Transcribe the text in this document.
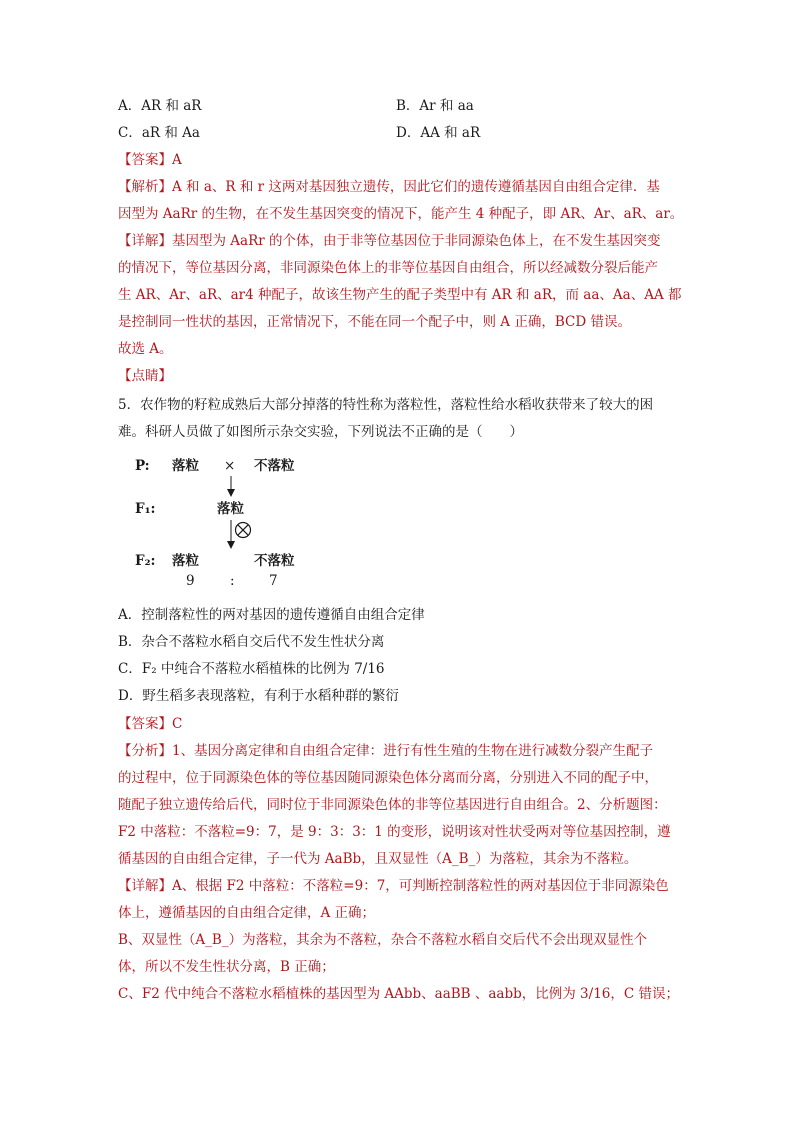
A．AR 和 aR	B．Ar 和 aa
C．aR 和 Aa	D．AA 和 aR
【答案】A
【解析】A 和 a、R 和 r 这两对基因独立遗传，因此它们的遗传遵循基因自由组合定律．基
因型为 AaRr 的生物，在不发生基因突变的情况下，能产生 4 种配子，即 AR、Ar、aR、ar。
【详解】基因型为 AaRr 的个体，由于非等位基因位于非同源染色体上，在不发生基因突变
的情况下，等位基因分离，非同源染色体上的非等位基因自由组合，所以经减数分裂后能产
生 AR、Ar、aR、ar4 种配子，故该生物产生的配子类型中有 AR 和 aR，而 aa、Aa、AA 都
是控制同一性状的基因，正常情况下，不能在同一个配子中，则 A 正确，BCD 错误。
故选 A。
【点睛】
5．农作物的籽粒成熟后大部分掉落的特性称为落粒性，落粒性给水稻收获带来了较大的困
难。科研人员做了如图所示杂交实验，下列说法不正确的是（　　）
P: 落粒 × 不落粒
F₁:	落粒
F₂: 落粒	不落粒
9	:	7
A．控制落粒性的两对基因的遗传遵循自由组合定律
B．杂合不落粒水稻自交后代不发生性状分离
C．F₂ 中纯合不落粒水稻植株的比例为 7/16
D．野生稻多表现落粒，有利于水稻种群的繁衍
【答案】C
【分析】1、基因分离定律和自由组合定律：进行有性生殖的生物在进行减数分裂产生配子
的过程中，位于同源染色体的等位基因随同源染色体分离而分离，分别进入不同的配子中，
随配子独立遗传给后代，同时位于非同源染色体的非等位基因进行自由组合。2、分析题图：
F2 中落粒：不落粒=9：7，是 9：3：3：1 的变形，说明该对性状受两对等位基因控制，遵
循基因的自由组合定律，子一代为 AaBb，且双显性（A_B_）为落粒，其余为不落粒。
【详解】A、根据 F2 中落粒：不落粒=9：7，可判断控制落粒性的两对基因位于非同源染色
体上，遵循基因的自由组合定律，A 正确；
B、双显性（A_B_）为落粒，其余为不落粒，杂合不落粒水稻自交后代不会出现双显性个
体，所以不发生性状分离，B 正确；
C、F2 代中纯合不落粒水稻植株的基因型为 AAbb、aaBB 、aabb，比例为 3/16，C 错误；
